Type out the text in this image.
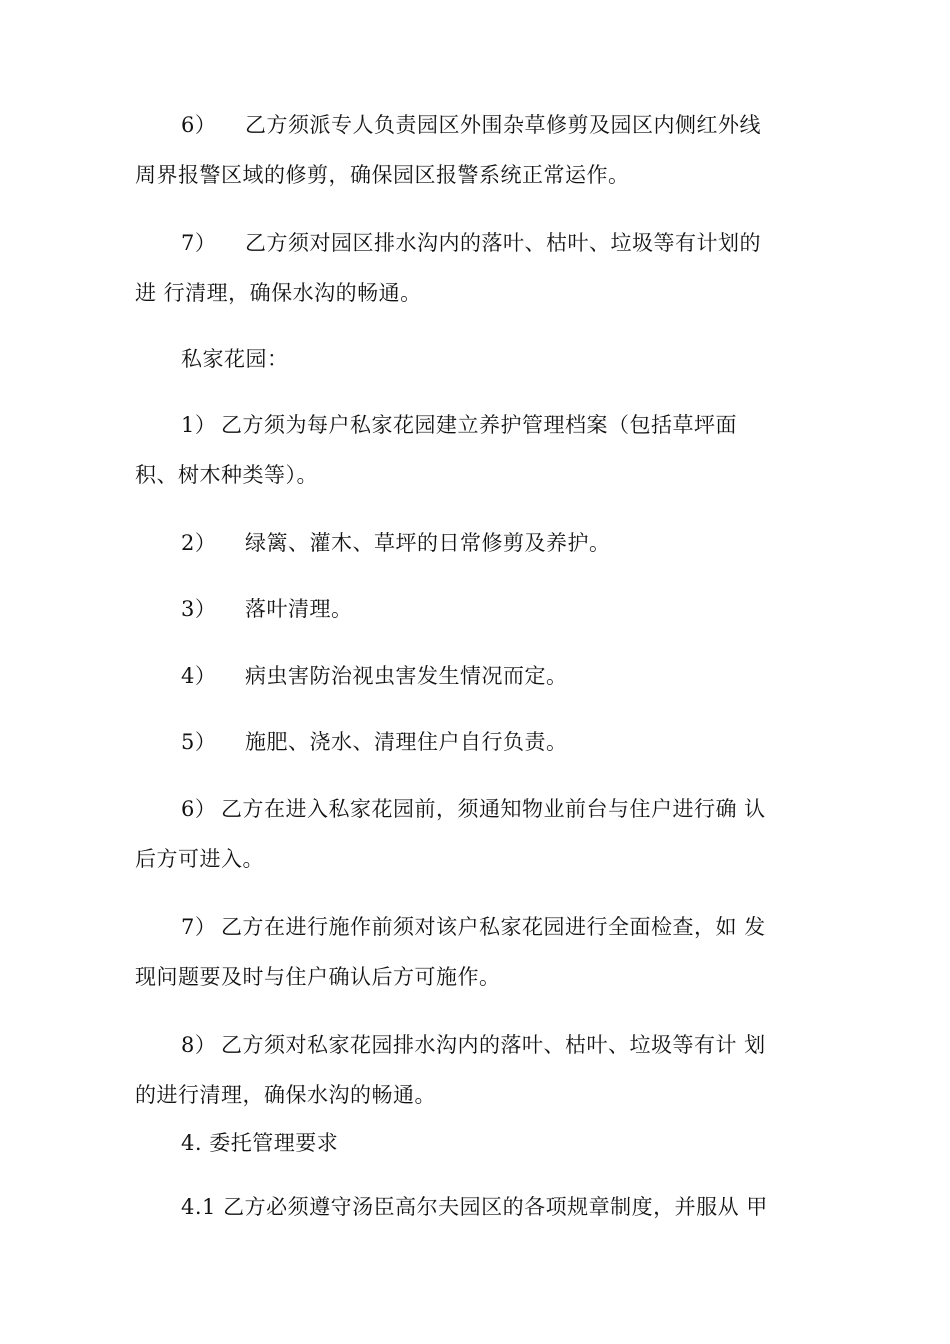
6） 乙方须派专人负责园区外围杂草修剪及园区内侧红外线
周界报警区域的修剪，确保园区报警系统正常运作。
7） 乙方须对园区排水沟内的落叶、枯叶、垃圾等有计划的
进 行清理，确保水沟的畅通。
私家花园：
1） 乙方须为每户私家花园建立养护管理档案（包括草坪面
积、树木种类等）。
2） 绿篱、灌木、草坪的日常修剪及养护。
3） 落叶清理。
4） 病虫害防治视虫害发生情况而定。
5） 施肥、浇水、清理住户自行负责。
6） 乙方在进入私家花园前，须通知物业前台与住户进行确 认
后方可进入。
7） 乙方在进行施作前须对该户私家花园进行全面检查，如 发
现问题要及时与住户确认后方可施作。
8） 乙方须对私家花园排水沟内的落叶、枯叶、垃圾等有计 划
的进行清理，确保水沟的畅通。
4. 委托管理要求
4.1 乙方必须遵守汤臣高尔夫园区的各项规章制度，并服从 甲
